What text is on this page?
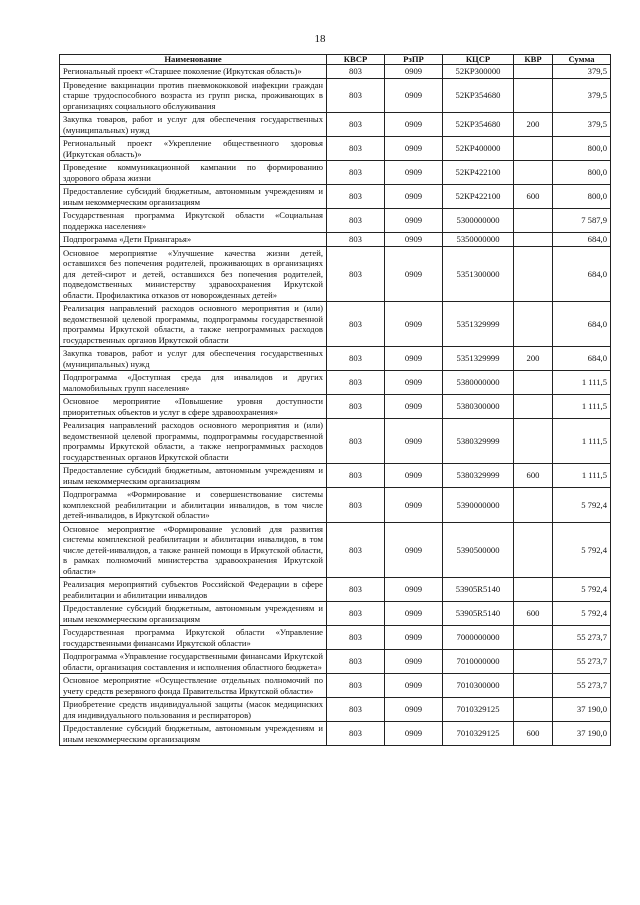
18
Наименование	КВСР	РзПР	КЦСР	КВР	Сумма
Региональный проект «Старшее поколение (Иркутская область)»	803	0909	52КР300000		379,5
Проведение вакцинации против пневмококковой инфекции граждан старше трудоспособного возраста из групп риска, проживающих в организациях социального обслуживания	803	0909	52КР354680		379,5
Закупка товаров, работ и услуг для обеспечения государственных (муниципальных) нужд	803	0909	52КР354680	200	379,5
Региональный проект «Укрепление общественного здоровья (Иркутская область)»	803	0909	52КР400000		800,0
Проведение коммуникационной кампании по формированию здорового образа жизни	803	0909	52КР422100		800,0
Предоставление субсидий бюджетным, автономным учреждениям и иным некоммерческим организациям	803	0909	52КР422100	600	800,0
Государственная программа Иркутской области «Социальная поддержка населения»	803	0909	5300000000		7 587,9
Подпрограмма «Дети Приангарья»	803	0909	5350000000		684,0
Основное мероприятие «Улучшение качества жизни детей, оставшихся без попечения родителей, проживающих в организациях для детей-сирот и детей, оставшихся без попечения родителей, подведомственных министерству здравоохранения Иркутской области. Профилактика отказов от новорожденных детей»	803	0909	5351300000		684,0
Реализация направлений расходов основного мероприятия и (или) ведомственной целевой программы, подпрограммы государственной программы Иркутской области, а также непрограммных расходов государственных органов Иркутской области	803	0909	5351329999		684,0
Закупка товаров, работ и услуг для обеспечения государственных (муниципальных) нужд	803	0909	5351329999	200	684,0
Подпрограмма «Доступная среда для инвалидов и других маломобильных групп населения»	803	0909	5380000000		1 111,5
Основное мероприятие «Повышение уровня доступности приоритетных объектов и услуг в сфере здравоохранения»	803	0909	5380300000		1 111,5
Реализация направлений расходов основного мероприятия и (или) ведомственной целевой программы, подпрограммы государственной программы Иркутской области, а также непрограммных расходов государственных органов Иркутской области	803	0909	5380329999		1 111,5
Предоставление субсидий бюджетным, автономным учреждениям и иным некоммерческим организациям	803	0909	5380329999	600	1 111,5
Подпрограмма «Формирование и совершенствование системы комплексной реабилитации и абилитации инвалидов, в том числе детей-инвалидов, в Иркутской области»	803	0909	5390000000		5 792,4
Основное мероприятие «Формирование условий для развития системы комплексной реабилитации и абилитации инвалидов, в том числе детей-инвалидов, а также ранней помощи в Иркутской области, в рамках полномочий министерства здравоохранения Иркутской области»	803	0909	5390500000		5 792,4
Реализация мероприятий субъектов Российской Федерации в сфере реабилитации и абилитации инвалидов	803	0909	53905R5140		5 792,4
Предоставление субсидий бюджетным, автономным учреждениям и иным некоммерческим организациям	803	0909	53905R5140	600	5 792,4
Государственная программа Иркутской области «Управление государственными финансами Иркутской области»	803	0909	7000000000		55 273,7
Подпрограмма «Управление государственными финансами Иркутской области, организация составления и исполнения областного бюджета»	803	0909	7010000000		55 273,7
Основное мероприятие «Осуществление отдельных полномочий по учету средств резервного фонда Правительства Иркутской области»	803	0909	7010300000		55 273,7
Приобретение средств индивидуальной защиты (масок медицинских для индивидуального пользования и респираторов)	803	0909	7010329125		37 190,0
Предоставление субсидий бюджетным, автономным учреждениям и иным некоммерческим организациям	803	0909	7010329125	600	37 190,0
